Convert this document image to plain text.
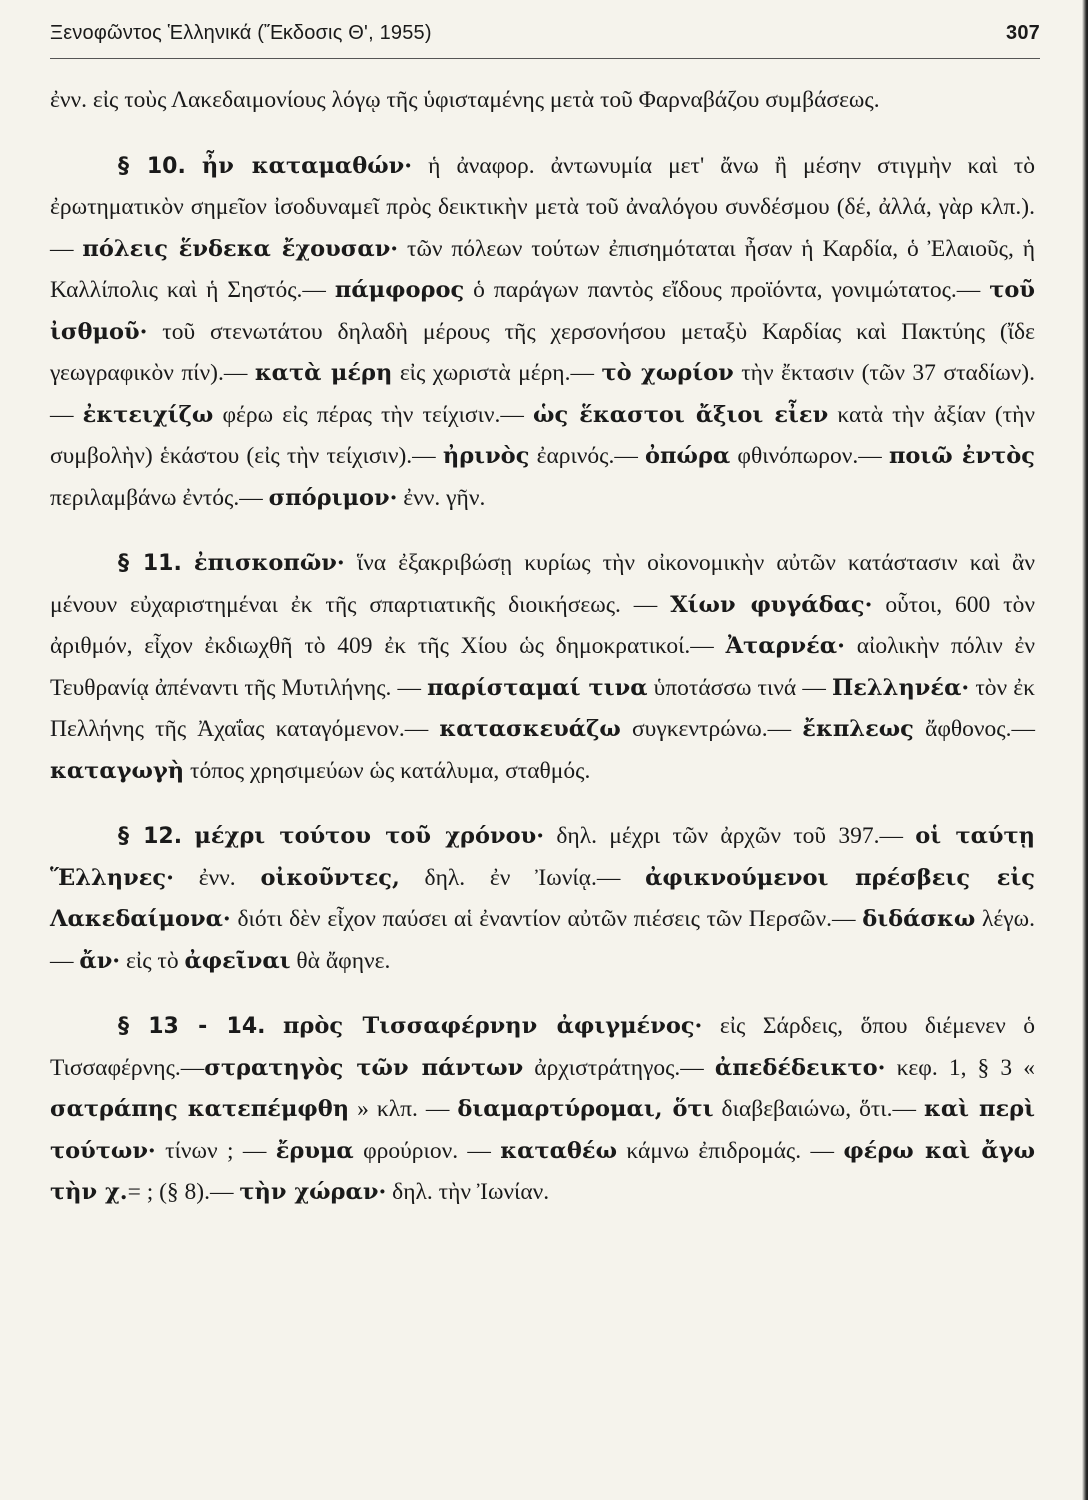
Ξενοφῶντος Ἑλληνικά (Ἔκδοσις Θ', 1955)	307

ἐνν. εἰς τοὺς Λακεδαιμονίους λόγῳ τῆς ὑφισταμένης μετὰ τοῦ Φαρναβάζου συμβάσεως.

§ 10. ἦν καταμαθών· ἡ ἀναφορ. ἀντωνυμία μετ' ἄνω ἢ μέσην στιγμὴν καὶ τὸ ἐρωτηματικὸν σημεῖον ἰσοδυναμεῖ πρὸς δεικτικὴν μετὰ τοῦ ἀναλόγου συνδέσμου (δέ, ἀλλά, γὰρ κλπ.).— πόλεις ἕνδεκα ἔχουσαν· τῶν πόλεων τούτων ἐπισημόταται ἦσαν ἡ Καρδία, ὁ Ἐλαιοῦς, ἡ Καλλίπολις καὶ ἡ Σηστός.— πάμφορος ὁ παράγων παντὸς εἴδους προϊόντα, γονιμώτατος.— τοῦ ἰσθμοῦ· τοῦ στενωτάτου δηλαδὴ μέρους τῆς χερσονήσου μεταξὺ Καρδίας καὶ Πακτύης (ἴδε γεωγραφικὸν πίν).— κατὰ μέρη εἰς χωριστὰ μέρη.— τὸ χωρίον τὴν ἔκτασιν (τῶν 37 σταδίων).— ἐκτειχίζω φέρω εἰς πέρας τὴν τείχισιν.— ὡς ἕκαστοι ἄξιοι εἶεν κατὰ τὴν ἀξίαν (τὴν συμβολὴν) ἑκάστου (εἰς τὴν τείχισιν).— ἠρινὸς ἐαρινός.— ὀπώρα φθινόπωρον.— ποιῶ ἐντὸς περιλαμβάνω ἐντός.— σπόριμον· ἐνν. γῆν.

§ 11. ἐπισκοπῶν· ἵνα ἐξακριβώσῃ κυρίως τὴν οἰκονομικὴν αὐτῶν κατάστασιν καὶ ἂν μένουν εὐχαριστημέναι ἐκ τῆς σπαρτιατικῆς διοικήσεως. — Χίων φυγάδας· οὗτοι, 600 τὸν ἀριθμόν, εἶχον ἐκδιωχθῆ τὸ 409 ἐκ τῆς Χίου ὡς δημοκρατικοί.— Ἀταρνέα· αἰολικὴν πόλιν ἐν Τευθρανίᾳ ἀπέναντι τῆς Μυτιλήνης. — παρίσταμαί τινα ὑποτάσσω τινά — Πελληνέα· τὸν ἐκ Πελλήνης τῆς Ἀχαΐας καταγόμενον.— κατασκευάζω συγκεντρώνω.— ἔκπλεως ἄφθονος.— καταγωγὴ τόπος χρησιμεύων ὡς κατάλυμα, σταθμός.

§ 12. μέχρι τούτου τοῦ χρόνου· δηλ. μέχρι τῶν ἀρχῶν τοῦ 397.— οἱ ταύτῃ Ἕλληνες· ἐνν. οἰκοῦντες, δηλ. ἐν Ἰωνίᾳ.— ἀφικνούμενοι πρέσβεις εἰς Λακεδαίμονα· διότι δὲν εἶχον παύσει αἱ ἐναντίον αὐτῶν πιέσεις τῶν Περσῶν.— διδάσκω λέγω. — ἄν· εἰς τὸ ἀφεῖναι θὰ ἄφηνε.

§ 13 - 14. πρὸς Τισσαφέρνην ἀφιγμένος· εἰς Σάρδεις, ὅπου διέμενεν ὁ Τισσαφέρνης.—στρατηγὸς τῶν πάντων ἀρχιστράτηγος.— ἀπεδέδεικτο· κεφ. 1, § 3 « σατράπης κατεπέμφθη » κλπ. — διαμαρτύρομαι, ὅτι διαβεβαιώνω, ὅτι.— καὶ περὶ τούτων· τίνων ; — ἔρυμα φρούριον. — καταθέω κάμνω ἐπιδρομάς. — φέρω καὶ ἄγω τὴν χ.= ; (§ 8).— τὴν χώραν· δηλ. τὴν Ἰωνίαν.
